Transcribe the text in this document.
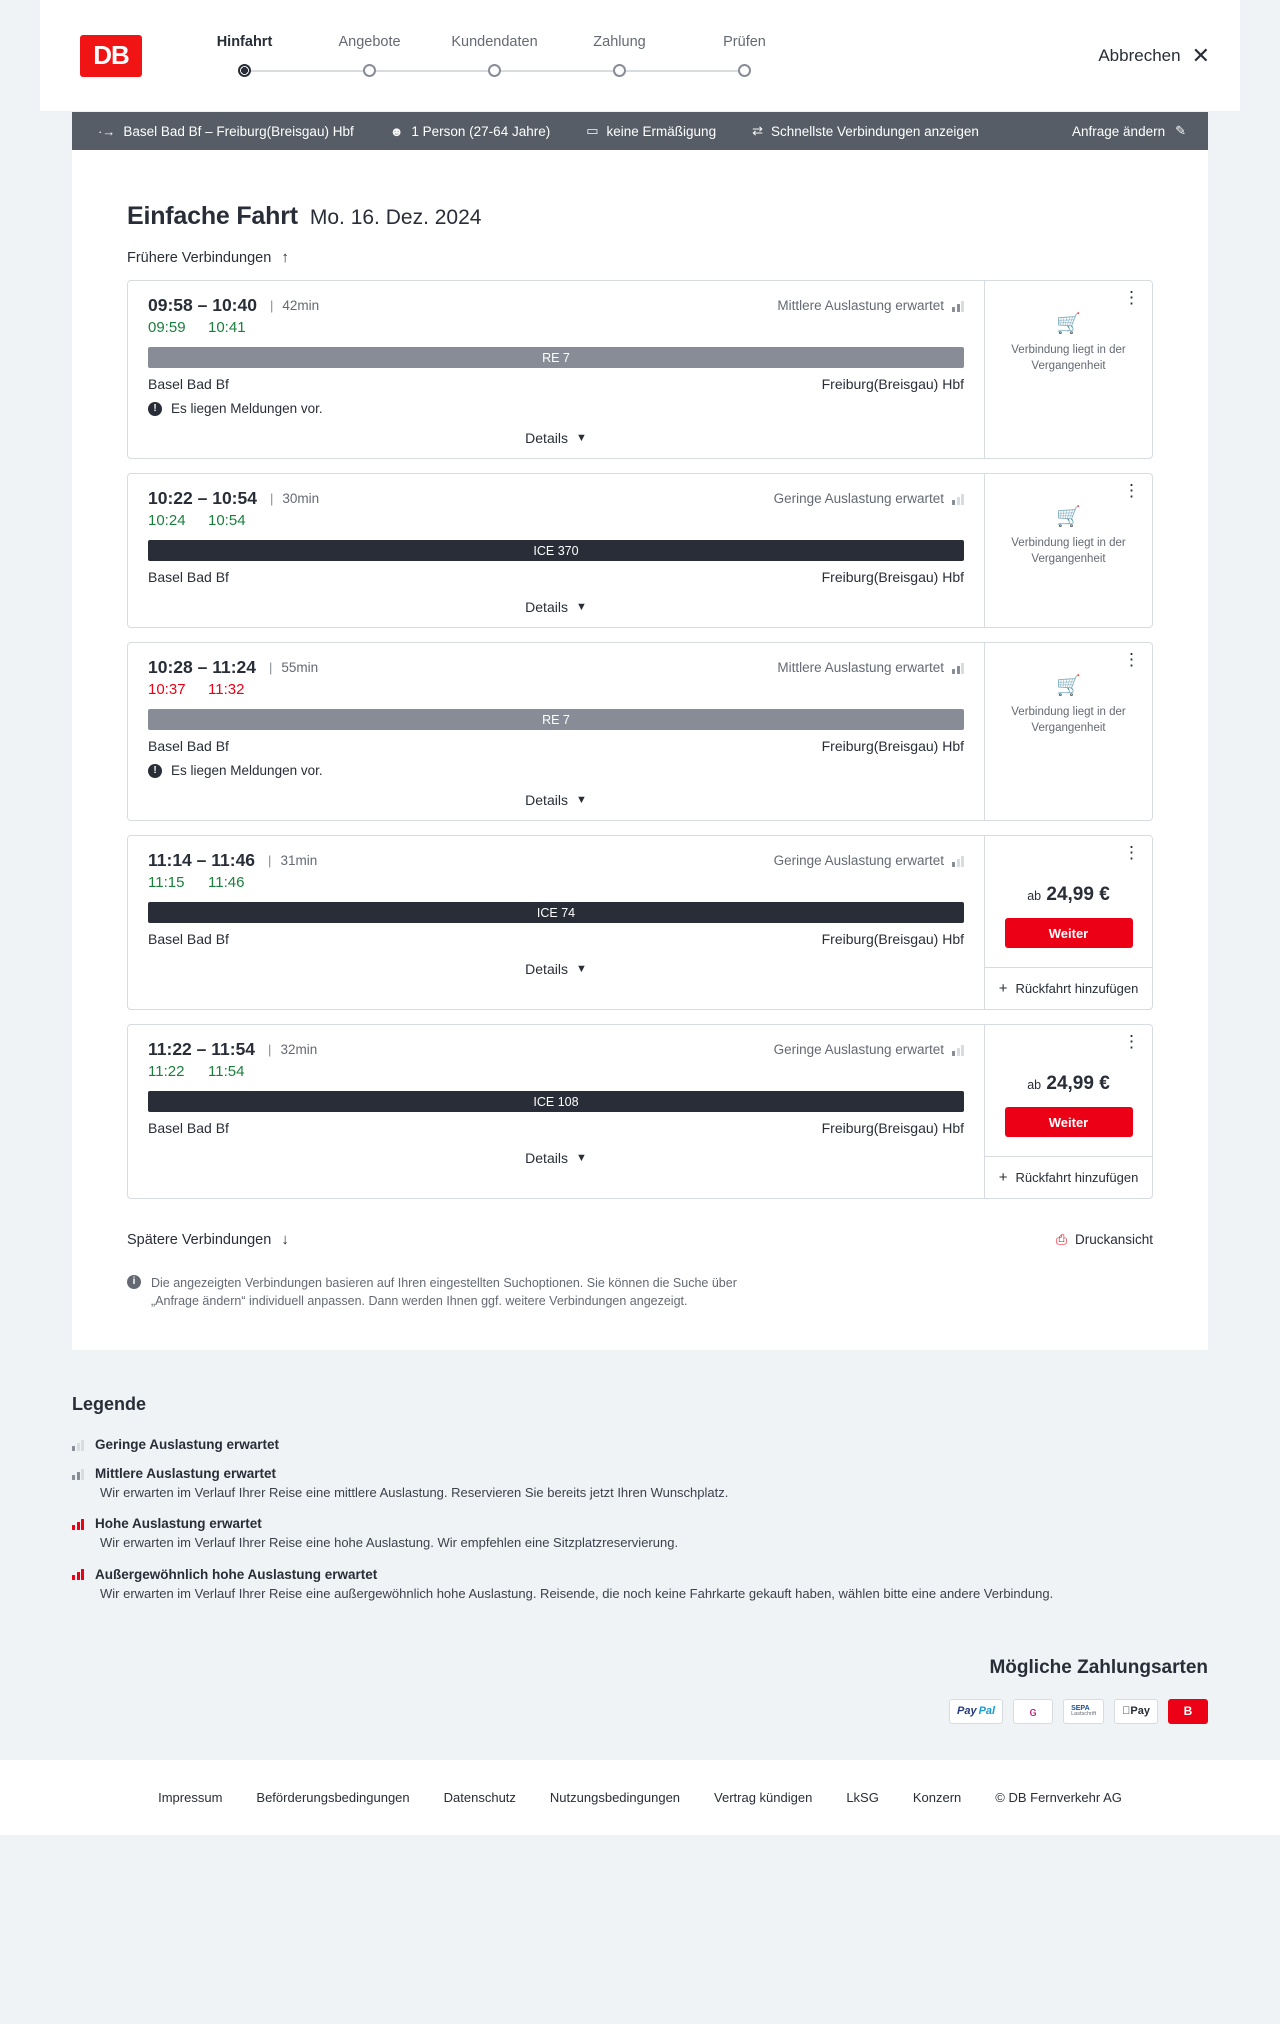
DB	Hinfahrt	Angebote	Kundendaten	Zahlung	Prüfen
Abbrechen ✕
·→ Basel Bad Bf – Freiburg(Breisgau) Hbf	☻ 1 Person (27-64 Jahre)	▭ keine Ermäßigung	⇄ Schnellste Verbindungen anzeigen	Anfrage ändern ✎
Einfache Fahrt Mo. 16. Dez. 2024
Frühere Verbindungen ↑
09:58 – 10:40 | 42min	Mittlere Auslastung erwartet
09:59 10:41
RE 7
Basel Bad Bf	Freiburg(Breisgau) Hbf
!	Es liegen Meldungen vor.
Details ▼
⋮
🛒
Verbindung liegt in der Vergangenheit
10:22 – 10:54 | 30min	Geringe Auslastung erwartet
10:24 10:54
ICE 370
Basel Bad Bf	Freiburg(Breisgau) Hbf
Details ▼
⋮
🛒
Verbindung liegt in der Vergangenheit
10:28 – 11:24 | 55min	Mittlere Auslastung erwartet
10:37 11:32
RE 7
Basel Bad Bf	Freiburg(Breisgau) Hbf
!	Es liegen Meldungen vor.
Details ▼
⋮
🛒
Verbindung liegt in der Vergangenheit
11:14 – 11:46 | 31min	Geringe Auslastung erwartet
11:15	11:46
ICE 74
Basel Bad Bf	Freiburg(Breisgau) Hbf
Details ▼
⋮
ab 24,99 €
Weiter
+ Rückfahrt hinzufügen
11:22 – 11:54 | 32min	Geringe Auslastung erwartet
11:22	11:54
ICE 108
Basel Bad Bf	Freiburg(Breisgau) Hbf
Details ▼
⋮
ab 24,99 €
Weiter
+ Rückfahrt hinzufügen
Spätere Verbindungen ↓	⎙ Druckansicht
i	Die angezeigten Verbindungen basieren auf Ihren eingestellten Suchoptionen. Sie können die Suche über „Anfrage ändern“ individuell anpassen. Dann werden Ihnen ggf. weitere Verbindungen angezeigt.
Legende
Geringe Auslastung erwartet
Mittlere Auslastung erwartet
Wir erwarten im Verlauf Ihrer Reise eine mittlere Auslastung. Reservieren Sie bereits jetzt Ihren Wunschplatz.
Hohe Auslastung erwartet
Wir erwarten im Verlauf Ihrer Reise eine hohe Auslastung. Wir empfehlen eine Sitzplatzreservierung.
Außergewöhnlich hohe Auslastung erwartet
Wir erwarten im Verlauf Ihrer Reise eine außergewöhnlich hohe Auslastung. Reisende, die noch keine Fahrkarte gekauft haben, wählen bitte eine andere Verbindung.
Mögliche Zahlungsarten
Pay Pal	ɢ	SEPA
Lastschrift	Pay	B
Impressum	Beförderungsbedingungen	Datenschutz	Nutzungsbedingungen	Vertrag kündigen	LkSG	Konzern	© DB Fernverkehr AG
